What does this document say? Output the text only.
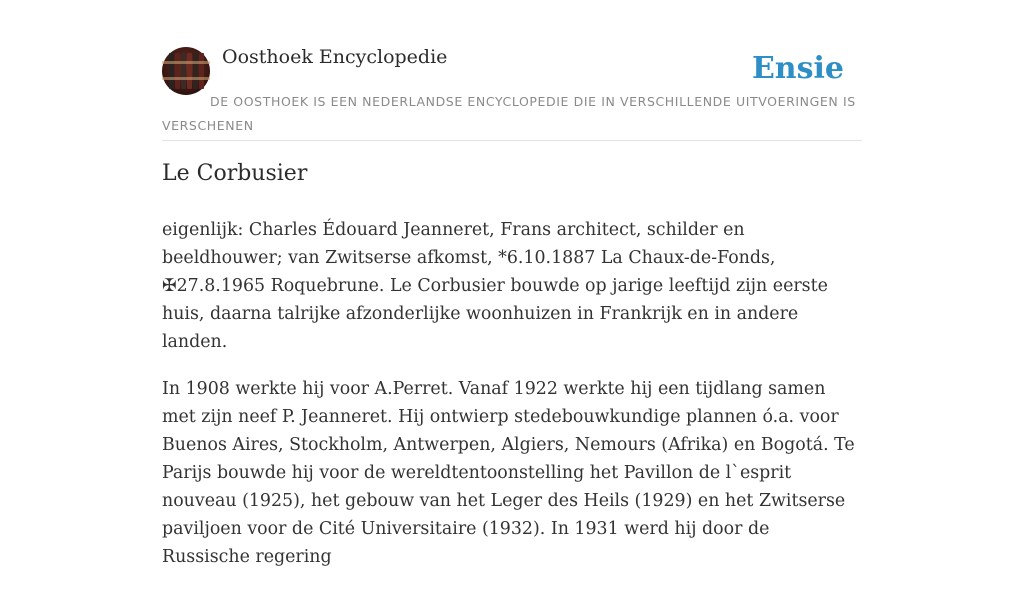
Oosthoek Encyclopedie	Ensie
DE OOSTHOEK IS EEN NEDERLANDSE ENCYCLOPEDIE DIE IN VERSCHILLENDE UITVOERINGEN IS VERSCHENEN
Le Corbusier

eigenlijk: Charles Édouard Jeanneret, Frans architect, schilder en beeldhouwer; van Zwitserse afkomst, *6.10.1887 La Chaux-de-Fonds, ✠27.8.1965 Roquebrune. Le Corbusier bouwde op jarige leeftijd zijn eerste huis, daarna talrijke afzonderlijke woonhuizen in Frankrijk en in andere landen.

In 1908 werkte hij voor A.Perret. Vanaf 1922 werkte hij een tijdlang samen met zijn neef P. Jeanneret. Hij ontwierp stedebouwkundige plannen ó.a. voor Buenos Aires, Stockholm, Antwerpen, Algiers, Nemours (Afrika) en Bogotá. Te Parijs bouwde hij voor de wereldtentoonstelling het Pavillon de l`esprit nouveau (1925), het gebouw van het Leger des Heils (1929) en het Zwitserse paviljoen voor de Cité Universitaire (1932). In 1931 werd hij door de Russische regering
